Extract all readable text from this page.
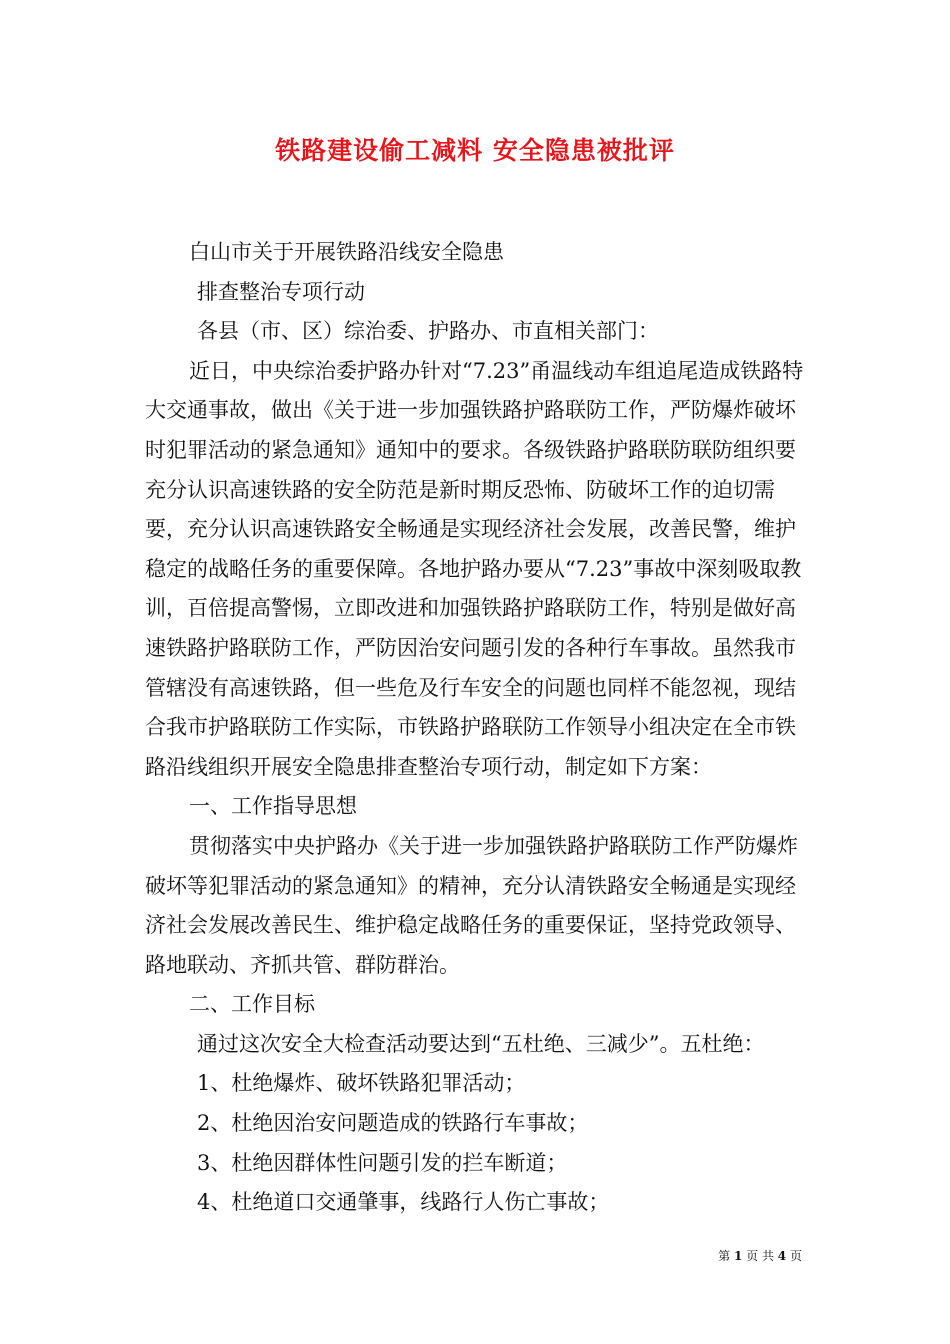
铁路建设偷工减料 安全隐患被批评

白山市关于开展铁路沿线安全隐患

排查整治专项行动

各县（市、区）综治委、护路办、市直相关部门：

近日，中央综治委护路办针对“7.23”甬温线动车组追尾造成铁路特大交通事故，做出《关于进一步加强铁路护路联防工作，严防爆炸破坏时犯罪活动的紧急通知》通知中的要求。各级铁路护路联防联防组织要充分认识高速铁路的安全防范是新时期反恐怖、防破坏工作的迫切需要，充分认识高速铁路安全畅通是实现经济社会发展，改善民警，维护稳定的战略任务的重要保障。各地护路办要从“7.23”事故中深刻吸取教训，百倍提高警惕，立即改进和加强铁路护路联防工作，特别是做好高速铁路护路联防工作，严防因治安问题引发的各种行车事故。虽然我市管辖没有高速铁路，但一些危及行车安全的问题也同样不能忽视，现结合我市护路联防工作实际，市铁路护路联防工作领导小组决定在全市铁路沿线组织开展安全隐患排查整治专项行动，制定如下方案：

一、工作指导思想

贯彻落实中央护路办《关于进一步加强铁路护路联防工作严防爆炸破坏等犯罪活动的紧急通知》的精神，充分认清铁路安全畅通是实现经济社会发展改善民生、维护稳定战略任务的重要保证，坚持党政领导、路地联动、齐抓共管、群防群治。

二、工作目标

通过这次安全大检查活动要达到“五杜绝、三减少”。五杜绝：

1、杜绝爆炸、破坏铁路犯罪活动；

2、杜绝因治安问题造成的铁路行车事故；

3、杜绝因群体性问题引发的拦车断道；

4、杜绝道口交通肇事，线路行人伤亡事故；

第 1 页 共 4 页
